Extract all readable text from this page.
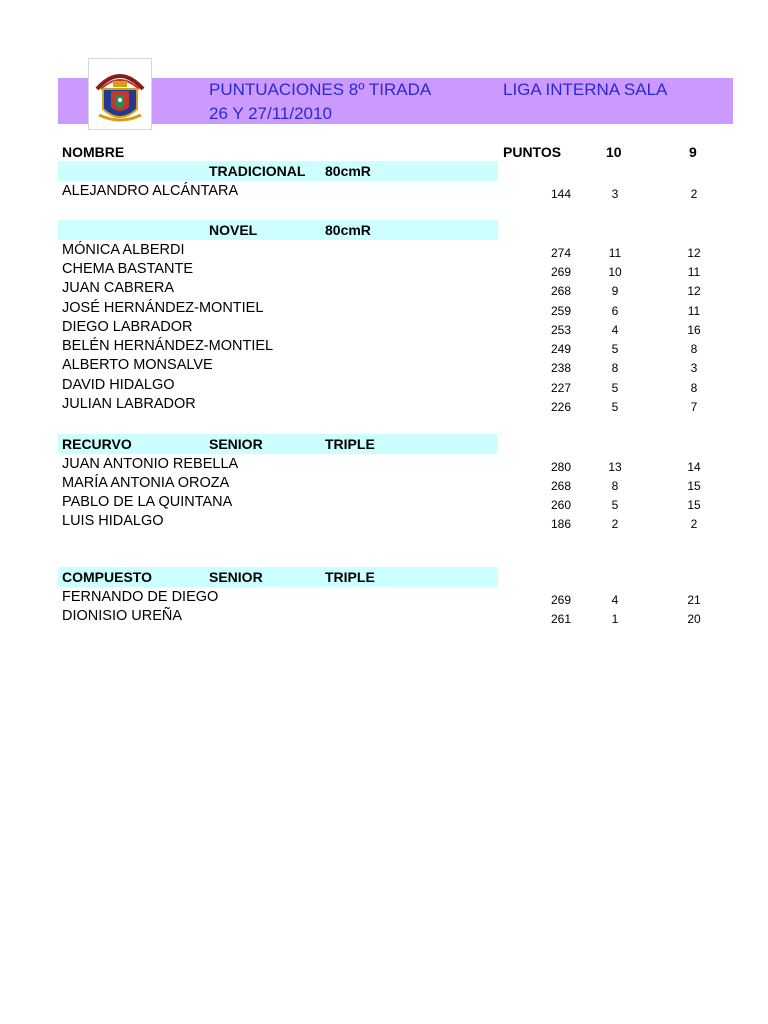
PUNTUACIONES 8º TIRADA
26 Y 27/11/2010
LIGA INTERNA SALA
NOMBRE	PUNTOS	10	9
TRADICIONAL 80cmR
ALEJANDRO ALCÁNTARA	144	3	2
NOVEL	80cmR
MÓNICA ALBERDI	274	11	12
CHEMA BASTANTE	269	10	11
JUAN CABRERA	268	9	12
JOSÉ HERNÁNDEZ-MONTIEL	259	6	11
DIEGO LABRADOR	253	4	16
BELÉN HERNÁNDEZ-MONTIEL	249	5	8
ALBERTO MONSALVE	238	8	3
DAVID HIDALGO	227	5	8
JULIAN LABRADOR	226	5	7
RECURVO	SENIOR	TRIPLE
JUAN ANTONIO REBELLA	280	13	14
MARÍA ANTONIA OROZA	268	8	15
PABLO DE LA QUINTANA	260	5	15
LUIS HIDALGO	186	2	2
COMPUESTO	SENIOR	TRIPLE
FERNANDO DE DIEGO	269	4	21
DIONISIO UREÑA	261	1	20
